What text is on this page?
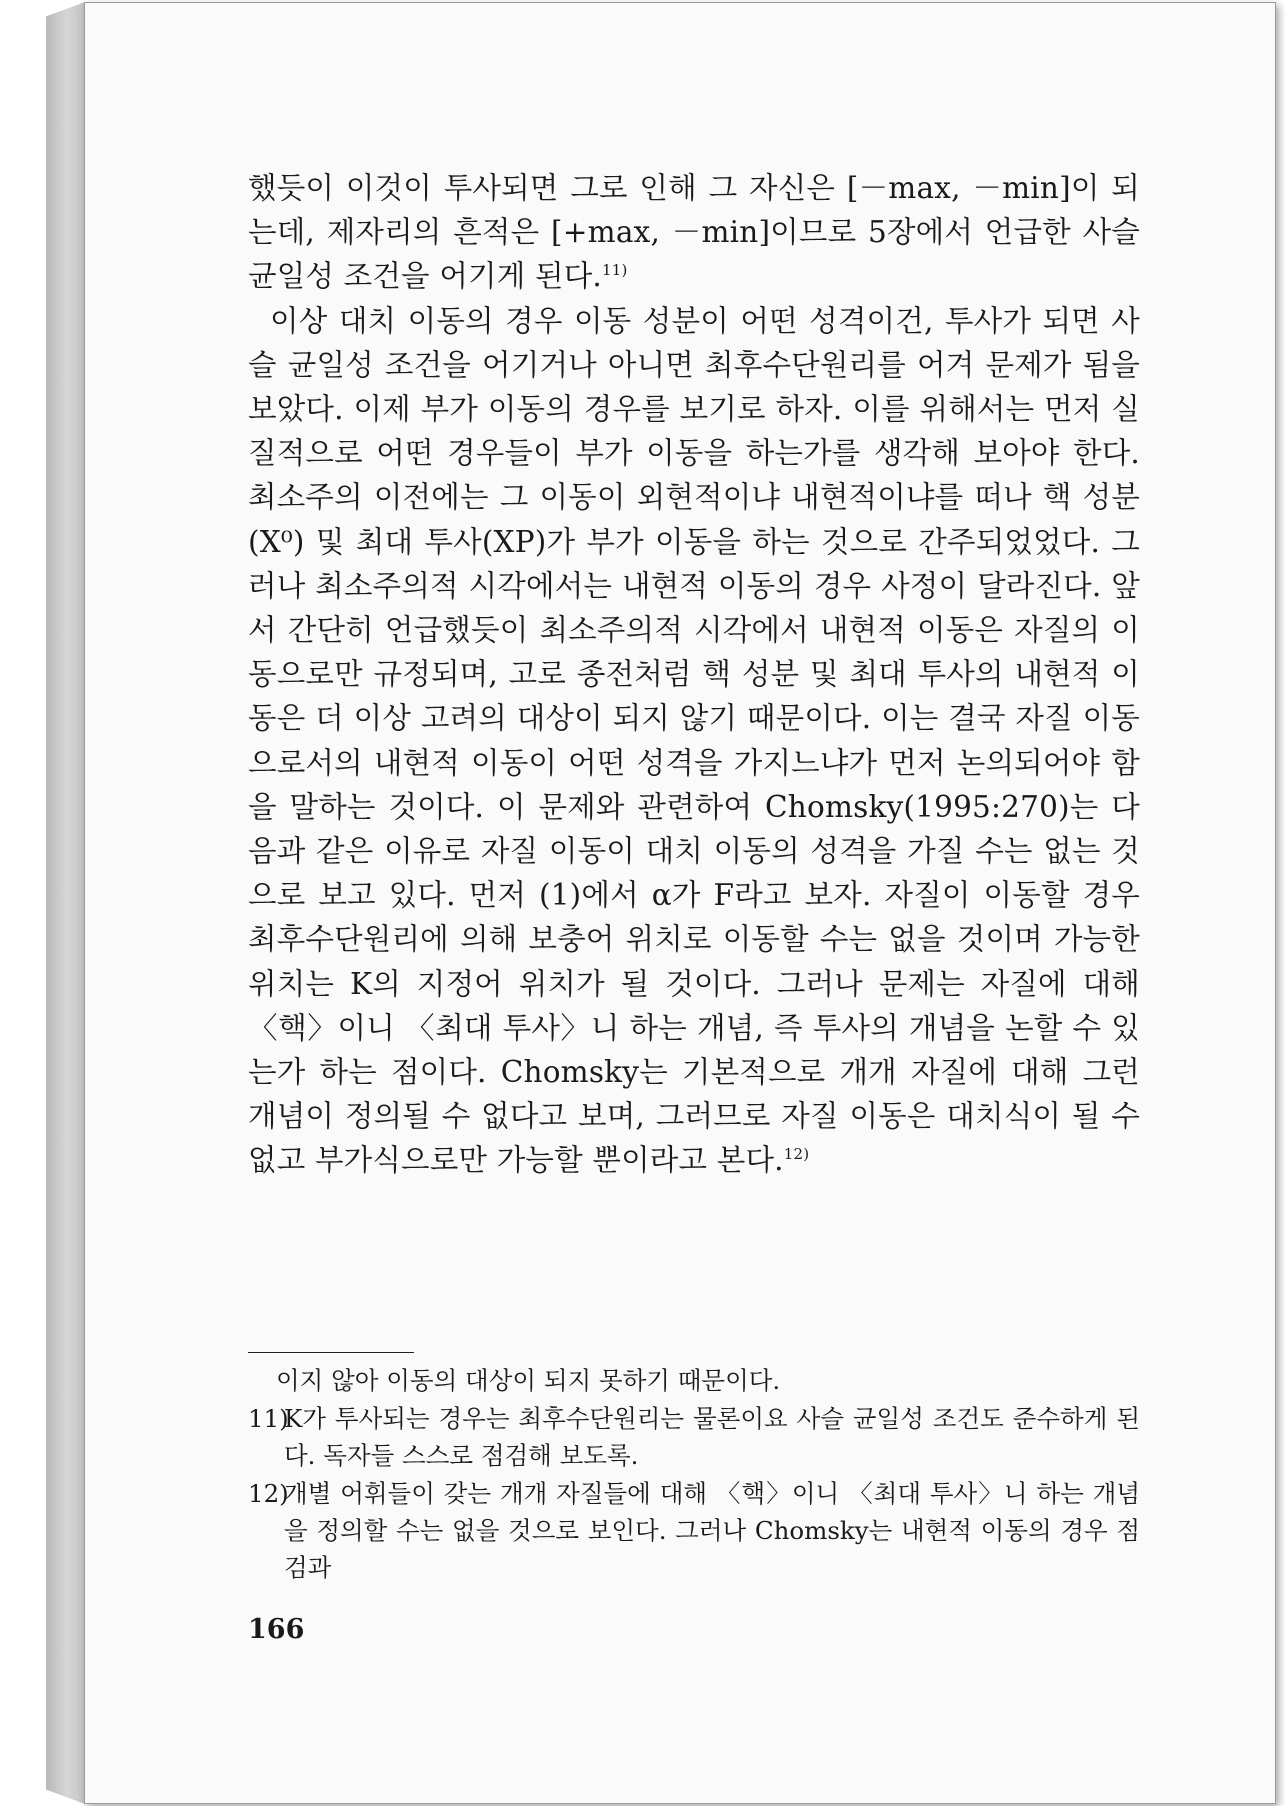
했듯이 이것이 투사되면 그로 인해 그 자신은 [－max, －min]이 되는데, 제자리의 흔적은 [+max, －min]이므로 5장에서 언급한 사슬 균일성 조건을 어기게 된다.$^{11)}$

이상 대치 이동의 경우 이동 성분이 어떤 성격이건, 투사가 되면 사슬 균일성 조건을 어기거나 아니면 최후수단원리를 어겨 문제가 됨을 보았다. 이제 부가 이동의 경우를 보기로 하자. 이를 위해서는 먼저 실질적으로 어떤 경우들이 부가 이동을 하는가를 생각해 보아야 한다. 최소주의 이전에는 그 이동이 외현적이냐 내현적이냐를 떠나 핵 성분 (X⁰) 및 최대 투사(XP)가 부가 이동을 하는 것으로 간주되었었다. 그러나 최소주의적 시각에서는 내현적 이동의 경우 사정이 달라진다. 앞서 간단히 언급했듯이 최소주의적 시각에서 내현적 이동은 자질의 이동으로만 규정되며, 고로 종전처럼 핵 성분 및 최대 투사의 내현적 이동은 더 이상 고려의 대상이 되지 않기 때문이다. 이는 결국 자질 이동으로서의 내현적 이동이 어떤 성격을 가지느냐가 먼저 논의되어야 함을 말하는 것이다. 이 문제와 관련하여 Chomsky(1995:270)는 다음과 같은 이유로 자질 이동이 대치 이동의 성격을 가질 수는 없는 것으로 보고 있다. 먼저 (1)에서 α가 F라고 보자. 자질이 이동할 경우 최후수단원리에 의해 보충어 위치로 이동할 수는 없을 것이며 가능한 위치는 K의 지정어 위치가 될 것이다. 그러나 문제는 자질에 대해 〈핵〉이니 〈최대 투사〉니 하는 개념, 즉 투사의 개념을 논할 수 있는가 하는 점이다. Chomsky는 기본적으로 개개 자질에 대해 그런 개념이 정의될 수 없다고 보며, 그러므로 자질 이동은 대치식이 될 수 없고 부가식으로만 가능할 뿐이라고 본다.$^{12)}$

이지 않아 이동의 대상이 되지 못하기 때문이다.
11)
K가 투사되는 경우는 최후수단원리는 물론이요 사슬 균일성 조건도 준수하게 된다. 독자들 스스로 점검해 보도록.
12)
개별 어휘들이 갖는 개개 자질들에 대해 〈핵〉이니 〈최대 투사〉니 하는 개념을 정의할 수는 없을 것으로 보인다. 그러나 Chomsky는 내현적 이동의 경우 점검과
166
